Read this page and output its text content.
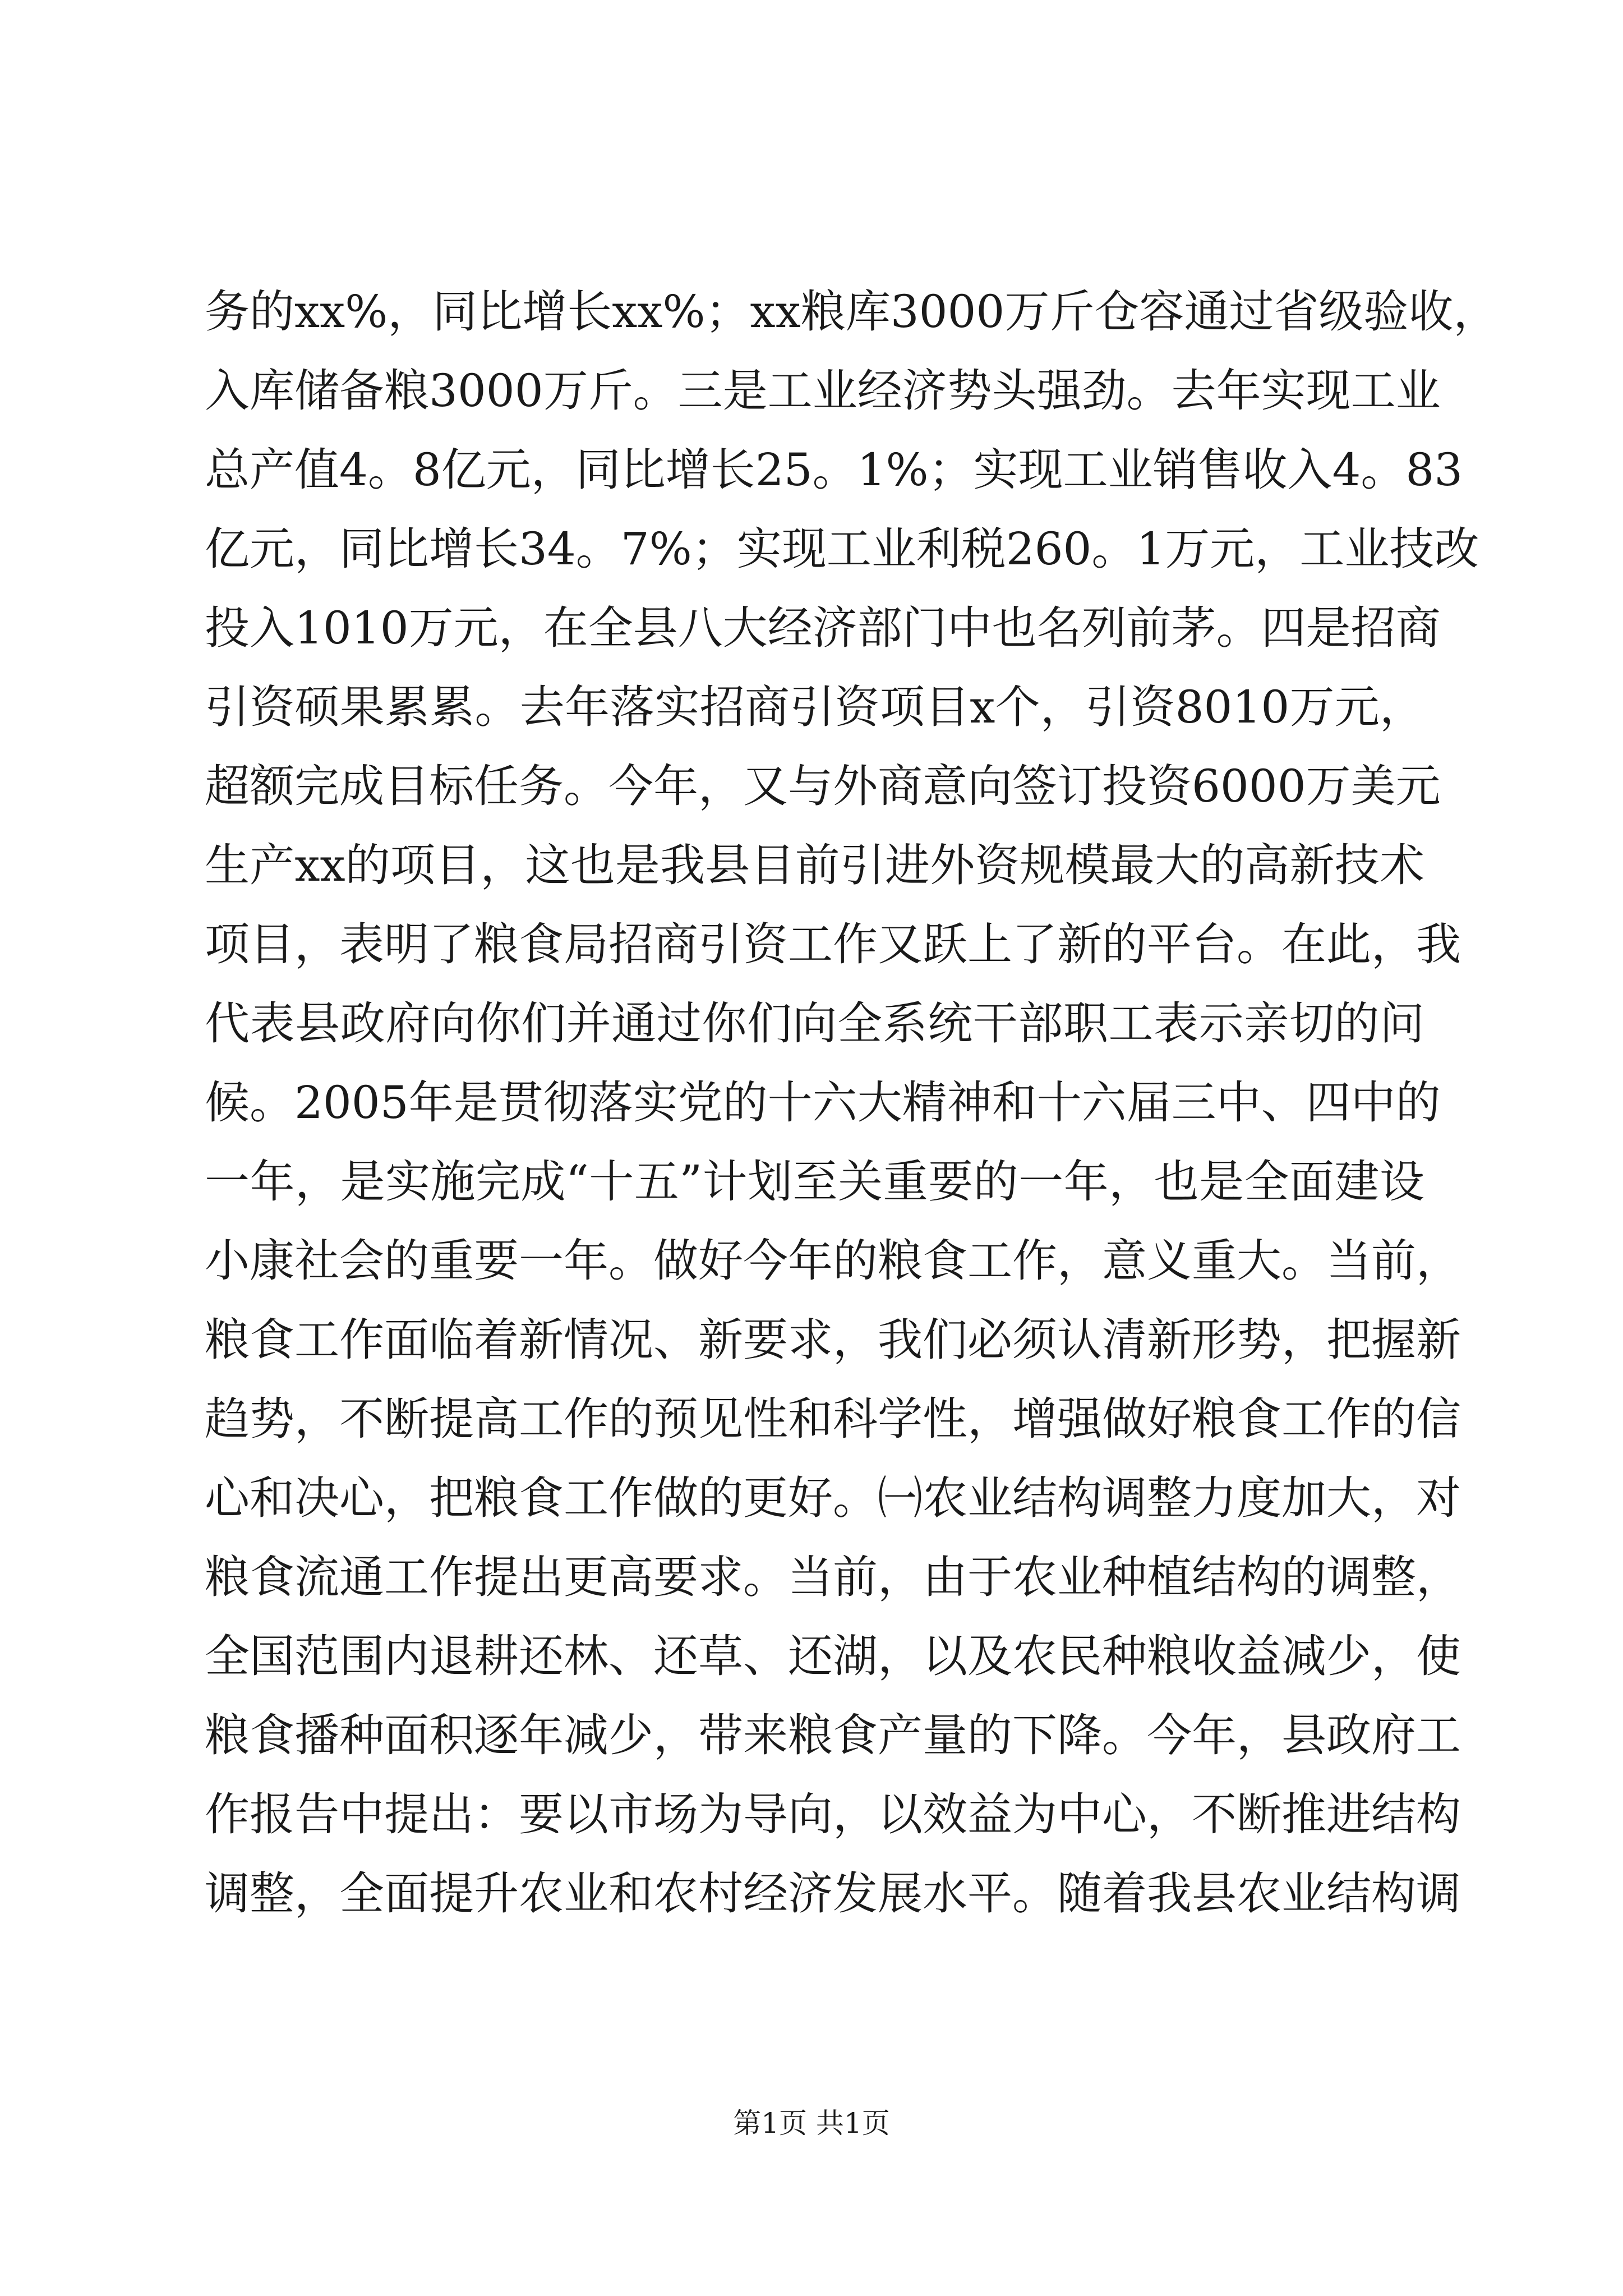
务的xx%，同比增长xx%；xx粮库3000万斤仓容通过省级验收，
入库储备粮3000万斤。三是工业经济势头强劲。去年实现工业
总产值4。8亿元，同比增长25。1%；实现工业销售收入4。83
亿元，同比增长34。7%；实现工业利税260。1万元，工业技改
投入1010万元，在全县八大经济部门中也名列前茅。四是招商
引资硕果累累。去年落实招商引资项目x个，引资8010万元，
超额完成目标任务。今年，又与外商意向签订投资6000万美元
生产xx的项目，这也是我县目前引进外资规模最大的高新技术
项目，表明了粮食局招商引资工作又跃上了新的平台。在此，我
代表县政府向你们并通过你们向全系统干部职工表示亲切的问
候。2005年是贯彻落实党的十六大精神和十六届三中、四中的
一年，是实施完成“十五”计划至关重要的一年，也是全面建设
小康社会的重要一年。做好今年的粮食工作，意义重大。当前，
粮食工作面临着新情况、新要求，我们必须认清新形势，把握新
趋势，不断提高工作的预见性和科学性，增强做好粮食工作的信
心和决心，把粮食工作做的更好。㈠农业结构调整力度加大，对
粮食流通工作提出更高要求。当前，由于农业种植结构的调整，
全国范围内退耕还林、还草、还湖，以及农民种粮收益减少，使
粮食播种面积逐年减少，带来粮食产量的下降。今年，县政府工
作报告中提出：要以市场为导向，以效益为中心，不断推进结构
调整，全面提升农业和农村经济发展水平。随着我县农业结构调
第1页 共1页
